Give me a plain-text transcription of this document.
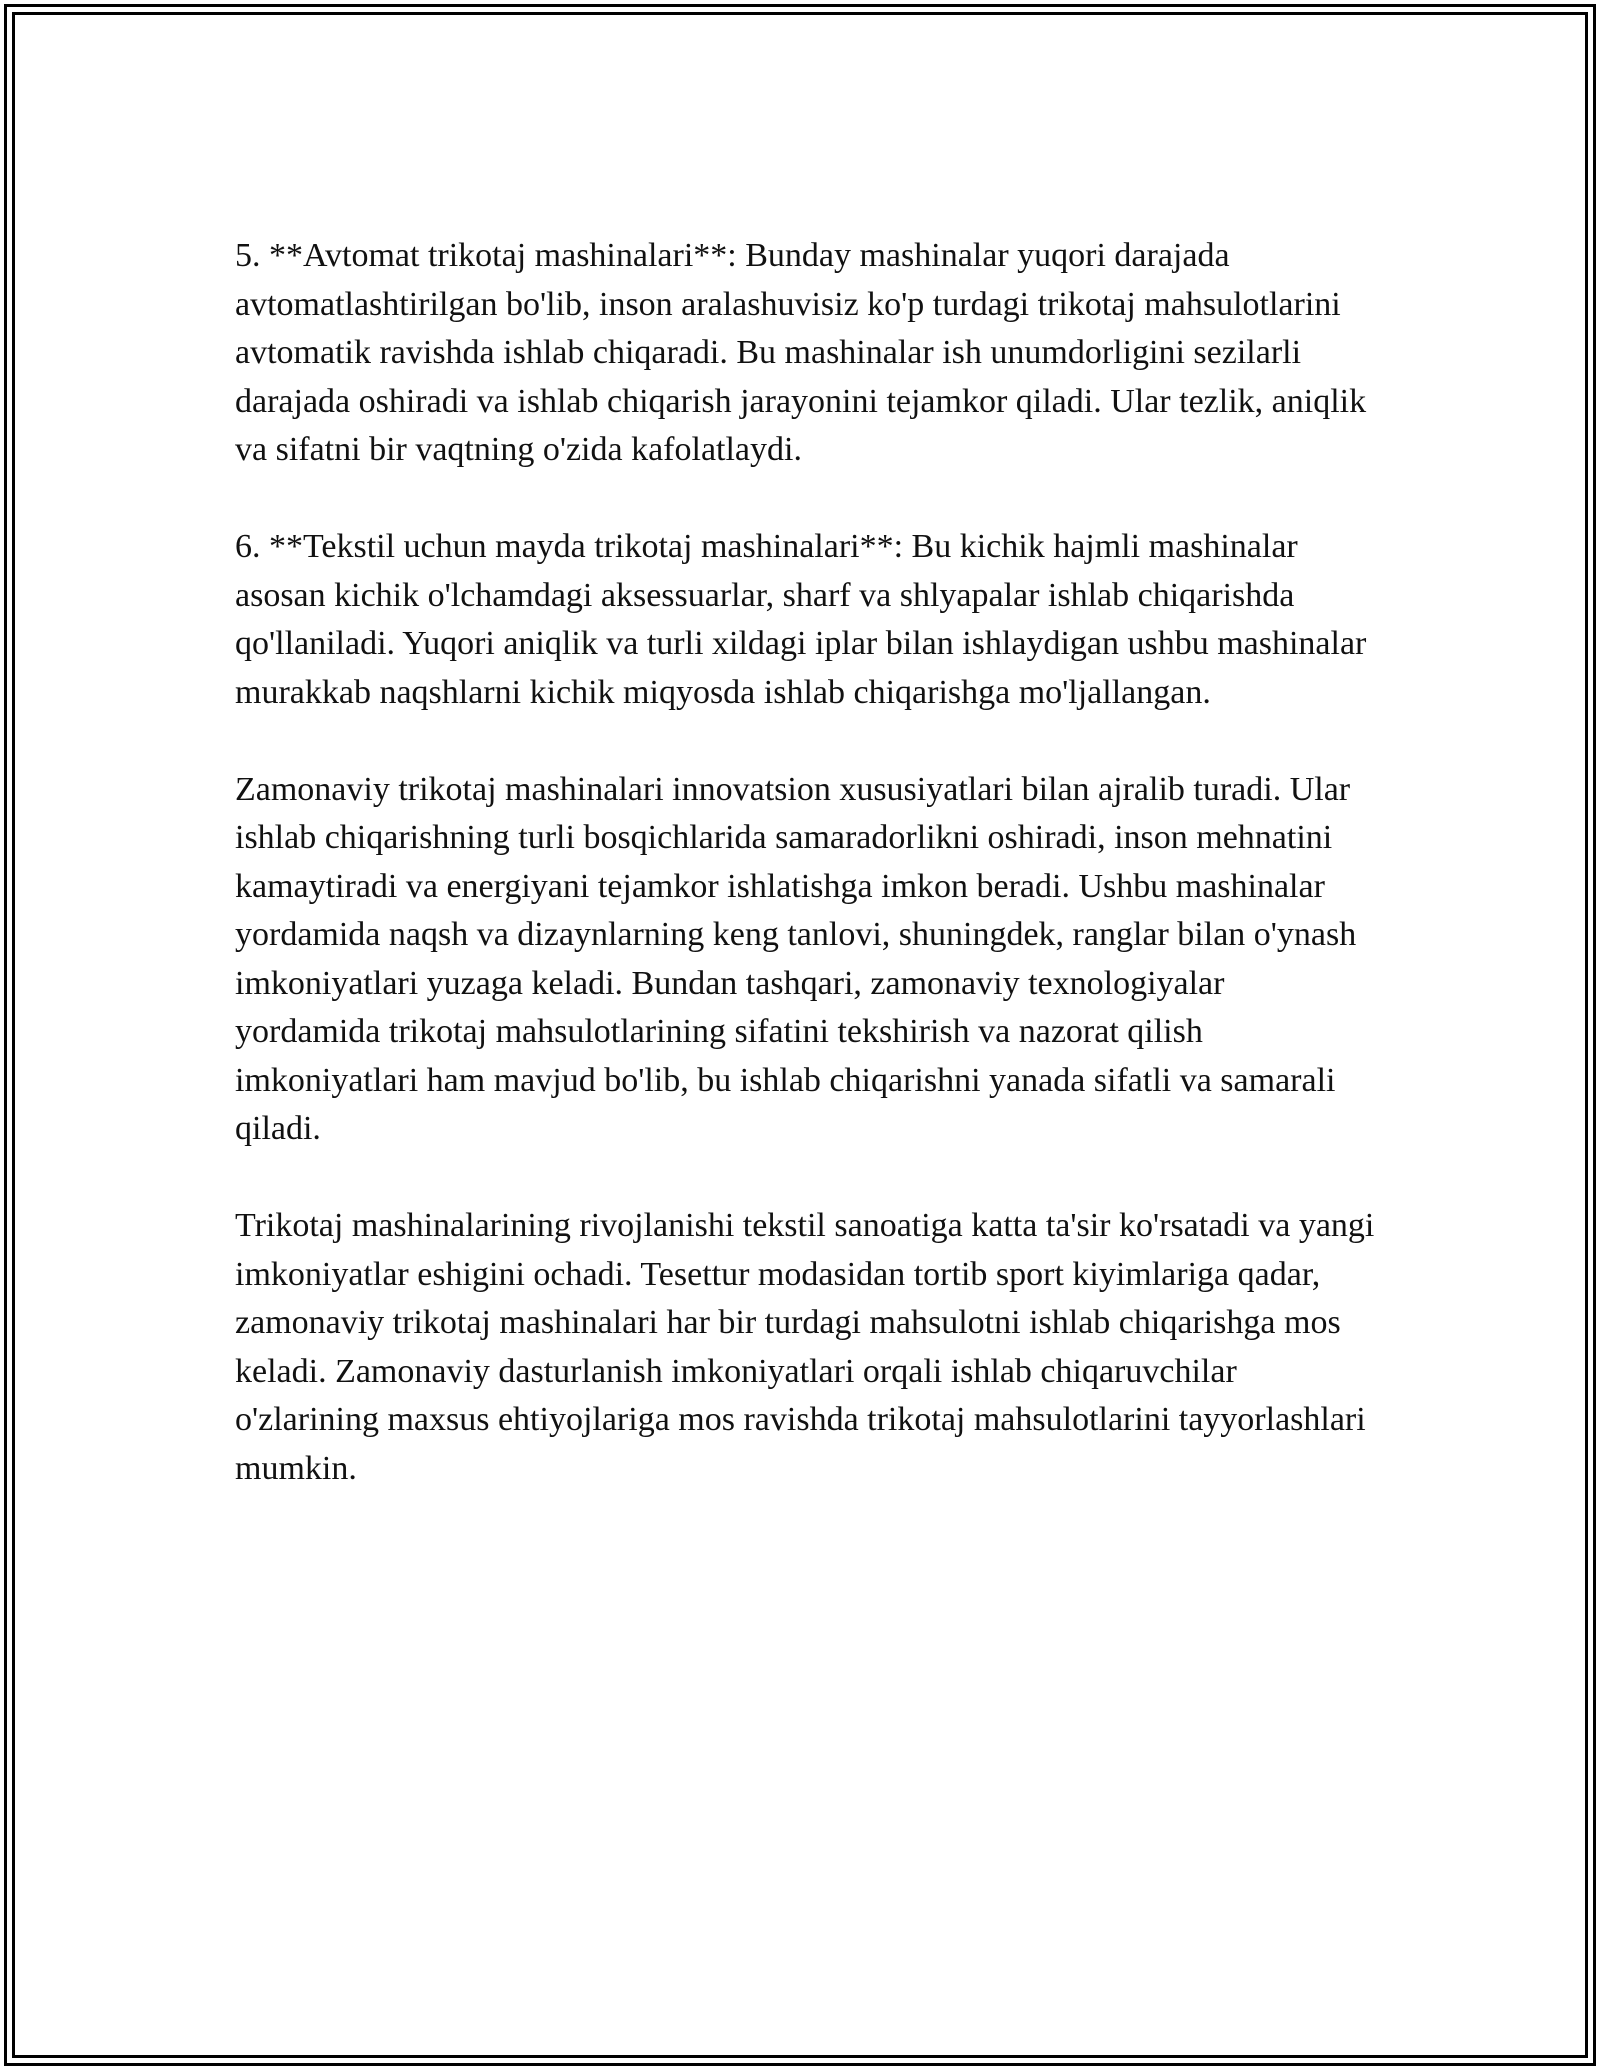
5. **Avtomat trikotaj mashinalari**: Bunday mashinalar yuqori darajada avtomatlashtirilgan bo'lib, inson aralashuvisiz ko'p turdagi trikotaj mahsulotlarini avtomatik ravishda ishlab chiqaradi. Bu mashinalar ish unumdorligini sezilarli darajada oshiradi va ishlab chiqarish jarayonini tejamkor qiladi. Ular tezlik, aniqlik va sifatni bir vaqtning o'zida kafolatlaydi.

6. **Tekstil uchun mayda trikotaj mashinalari**: Bu kichik hajmli mashinalar asosan kichik o'lchamdagi aksessuarlar, sharf va shlyapalar ishlab chiqarishda qo'llaniladi. Yuqori aniqlik va turli xildagi iplar bilan ishlaydigan ushbu mashinalar murakkab naqshlarni kichik miqyosda ishlab chiqarishga mo'ljallangan.

Zamonaviy trikotaj mashinalari innovatsion xususiyatlari bilan ajralib turadi. Ular ishlab chiqarishning turli bosqichlarida samaradorlikni oshiradi, inson mehnatini kamaytiradi va energiyani tejamkor ishlatishga imkon beradi. Ushbu mashinalar yordamida naqsh va dizaynlarning keng tanlovi, shuningdek, ranglar bilan o'ynash imkoniyatlari yuzaga keladi. Bundan tashqari, zamonaviy texnologiyalar yordamida trikotaj mahsulotlarining sifatini tekshirish va nazorat qilish imkoniyatlari ham mavjud bo'lib, bu ishlab chiqarishni yanada sifatli va samarali qiladi.

Trikotaj mashinalarining rivojlanishi tekstil sanoatiga katta ta'sir ko'rsatadi va yangi imkoniyatlar eshigini ochadi. Tesettur modasidan tortib sport kiyimlariga qadar, zamonaviy trikotaj mashinalari har bir turdagi mahsulotni ishlab chiqarishga mos keladi. Zamonaviy dasturlanish imkoniyatlari orqali ishlab chiqaruvchilar o'zlarining maxsus ehtiyojlariga mos ravishda trikotaj mahsulotlarini tayyorlashlari mumkin.
